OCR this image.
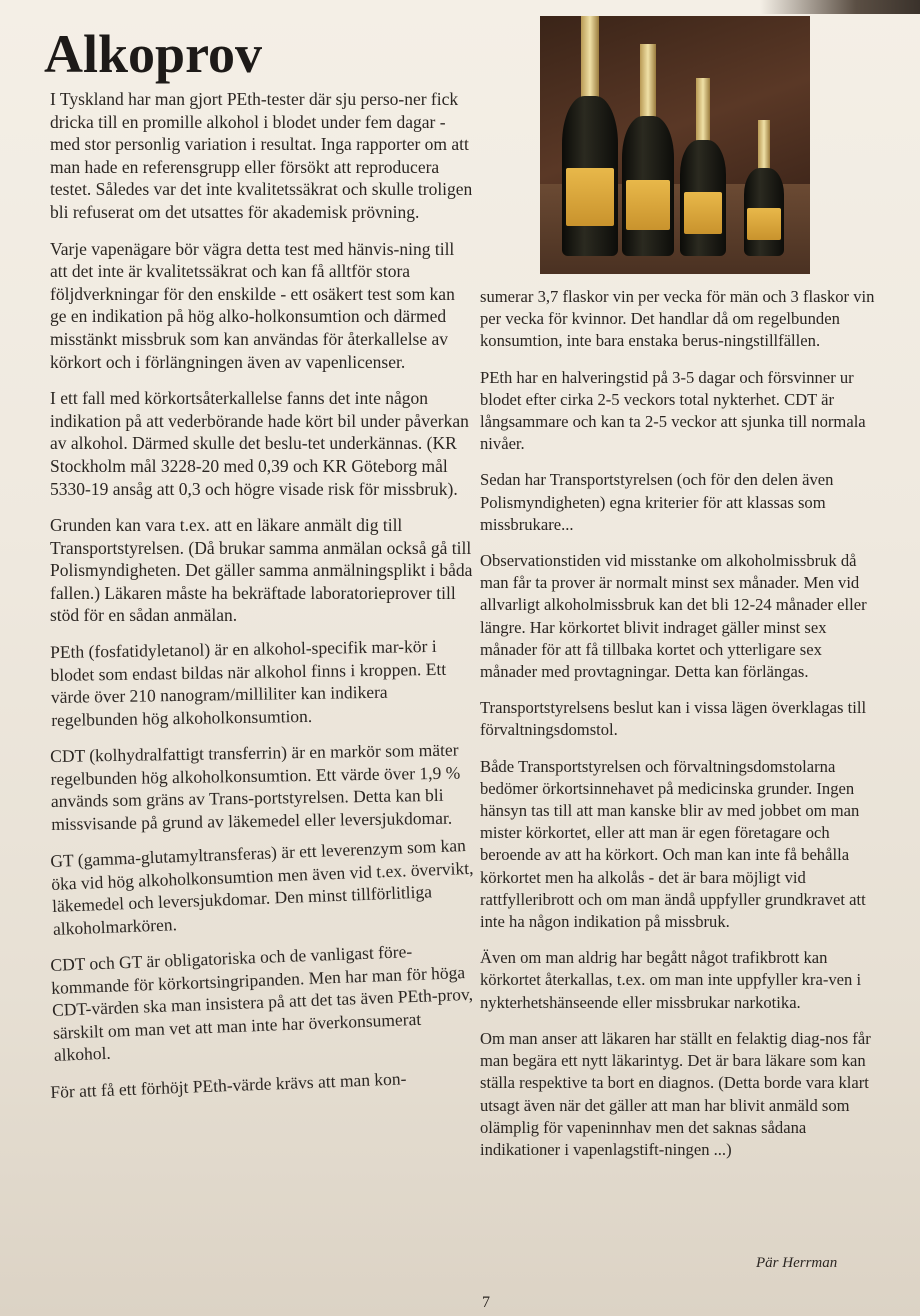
Alkoprov

I Tyskland har man gjort PEth-tester där sju perso-ner fick dricka till en promille alkohol i blodet under fem dagar - med stor personlig variation i resultat. Inga rapporter om att man hade en referensgrupp eller försökt att reproducera testet. Således var det inte kvalitetssäkrat och skulle troligen bli refuserat om det utsattes för akademisk prövning.

Varje vapenägare bör vägra detta test med hänvis-ning till att det inte är kvalitetssäkrat och kan få alltför stora följdverkningar för den enskilde - ett osäkert test som kan ge en indikation på hög alko-holkonsumtion och därmed misstänkt missbruk som kan användas för återkallelse av körkort och i förlängningen även av vapenlicenser.

I ett fall med körkortsåterkallelse fanns det inte någon indikation på att vederbörande hade kört bil under påverkan av alkohol. Därmed skulle det beslu-tet underkännas. (KR Stockholm mål 3228-20 med 0,39 och KR Göteborg mål 5330-19 ansåg att 0,3 och högre visade risk för missbruk).

Grunden kan vara t.ex. att en läkare anmält dig till Transportstyrelsen. (Då brukar samma anmälan också gå till Polismyndigheten. Det gäller samma anmälningsplikt i båda fallen.) Läkaren måste ha bekräftade laboratorieprover till stöd för en sådan anmälan.

PEth (fosfatidyletanol) är en alkohol-specifik mar-kör i blodet som endast bildas när alkohol finns i kroppen. Ett värde över 210 nanogram/milliliter kan indikera regelbunden hög alkoholkonsumtion.

CDT (kolhydralfattigt transferrin) är en markör som mäter regelbunden hög alkoholkonsumtion. Ett värde över 1,9 % används som gräns av Trans-portstyrelsen. Detta kan bli missvisande på grund av läkemedel eller leversjukdomar.

GT (gamma-glutamyltransferas) är ett leverenzym som kan öka vid hög alkoholkonsumtion men även vid t.ex. övervikt, läkemedel och leversjukdomar. Den minst tillförlitliga alkoholmarkören.

CDT och GT är obligatoriska och de vanligast före-kommande för körkortsingripanden. Men har man för höga CDT-värden ska man insistera på att det tas även PEth-prov, särskilt om man vet att man inte har överkonsumerat alkohol.

För att få ett förhöjt PEth-värde krävs att man kon-

sumerar 3,7 flaskor vin per vecka för män och 3 flaskor vin per vecka för kvinnor. Det handlar då om regelbunden konsumtion, inte bara enstaka berus-ningstillfällen.

PEth har en halveringstid på 3-5 dagar och försvinner ur blodet efter cirka 2-5 veckors total nykterhet. CDT är långsammare och kan ta 2-5 veckor att sjunka till normala nivåer.

Sedan har Transportstyrelsen (och för den delen även Polismyndigheten) egna kriterier för att klassas som missbrukare...

Observationstiden vid misstanke om alkoholmissbruk då man får ta prover är normalt minst sex månader. Men vid allvarligt alkoholmissbruk kan det bli 12-24 månader eller längre. Har körkortet blivit indraget gäller minst sex månader för att få tillbaka kortet och ytterligare sex månader med provtagningar. Detta kan förlängas.

Transportstyrelsens beslut kan i vissa lägen överklagas till förvaltningsdomstol.

Både Transportstyrelsen och förvaltningsdomstolarna bedömer örkortsinnehavet på medicinska grunder. Ingen hänsyn tas till att man kanske blir av med jobbet om man mister körkortet, eller att man är egen företagare och beroende av att ha körkort. Och man kan inte få behålla körkortet men ha alkolås - det är bara möjligt vid rattfylleribrott och om man ändå uppfyller grundkravet att inte ha någon indikation på missbruk.

Även om man aldrig har begått något trafikbrott kan körkortet återkallas, t.ex. om man inte uppfyller kra-ven i nykterhetshänseende eller missbrukar narkotika.

Om man anser att läkaren har ställt en felaktig diag-nos får man begära ett nytt läkarintyg. Det är bara läkare som kan ställa respektive ta bort en diagnos. (Detta borde vara klart utsagt även när det gäller att man har blivit anmäld som olämplig för vapeninnhav men det saknas sådana indikationer i vapenlagstift-ningen ...)

Pär Herrman
7
